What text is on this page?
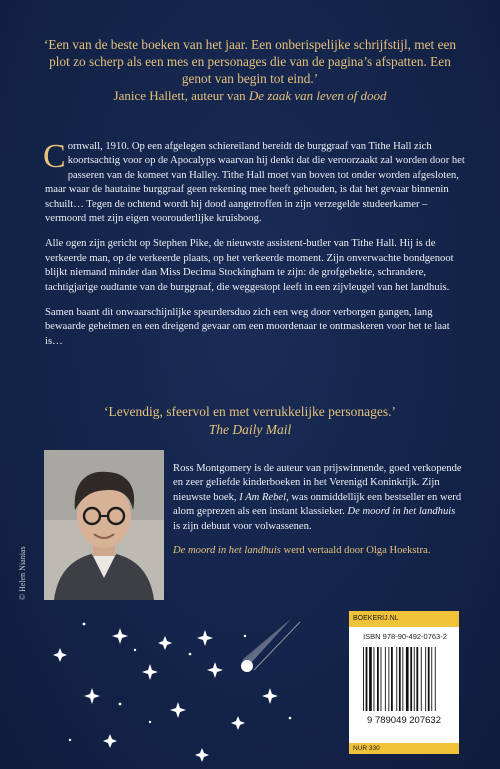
‘Een van de beste boeken van het jaar. Een onberispelijke schrijfstijl, met een plot zo scherp als een mes en personages die van de pagina’s afspatten. Een genot van begin tot eind.’
Janice Hallett, auteur van De zaak van leven of dood

Cornwall, 1910. Op een afgelegen schiereiland bereidt de burggraaf van Tithe Hall zich koortsachtig voor op de Apocalyps waarvan hij denkt dat die veroorzaakt zal worden door het passeren van de komeet van Halley. Tithe Hall moet van boven tot onder worden afgesloten, maar waar de hautaine burggraaf geen rekening mee heeft gehouden, is dat het gevaar binnenin schuilt… Tegen de ochtend wordt hij dood aangetroffen in zijn verzegelde studeerkamer – vermoord met zijn eigen voorouderlijke kruisboog.

Alle ogen zijn gericht op Stephen Pike, de nieuwste assistent-butler van Tithe Hall. Hij is de verkeerde man, op de verkeerde plaats, op het verkeerde moment. Zijn onverwachte bondgenoot blijkt niemand minder dan Miss Decima Stockingham te zijn: de grofgebekte, schrandere, tachtigjarige oudtante van de burggraaf, die weggestopt leeft in een zijvleugel van het landhuis.

Samen baant dit onwaarschijnlijke speurdersduo zich een weg door verborgen gangen, lang bewaarde geheimen en een dreigend gevaar om een moordenaar te ontmaskeren voor het te laat is…

‘Levendig, sfeervol en met verrukkelijke personages.’
The Daily Mail
© Helen Nianias

Ross Montgomery is de auteur van prijswinnende, goed verkopende en zeer geliefde kinderboeken in het Verenigd Koninkrijk. Zijn nieuwste boek, I Am Rebel, was onmiddellijk een bestseller en werd alom geprezen als een instant klassieker. De moord in het landhuis is zijn debuut voor volwassenen.

De moord in het landhuis werd vertaald door Olga Hoekstra.

BOEKERIJ.NL
ISBN 978-90-492-0763-2
9 789049 207632
NUR 330
